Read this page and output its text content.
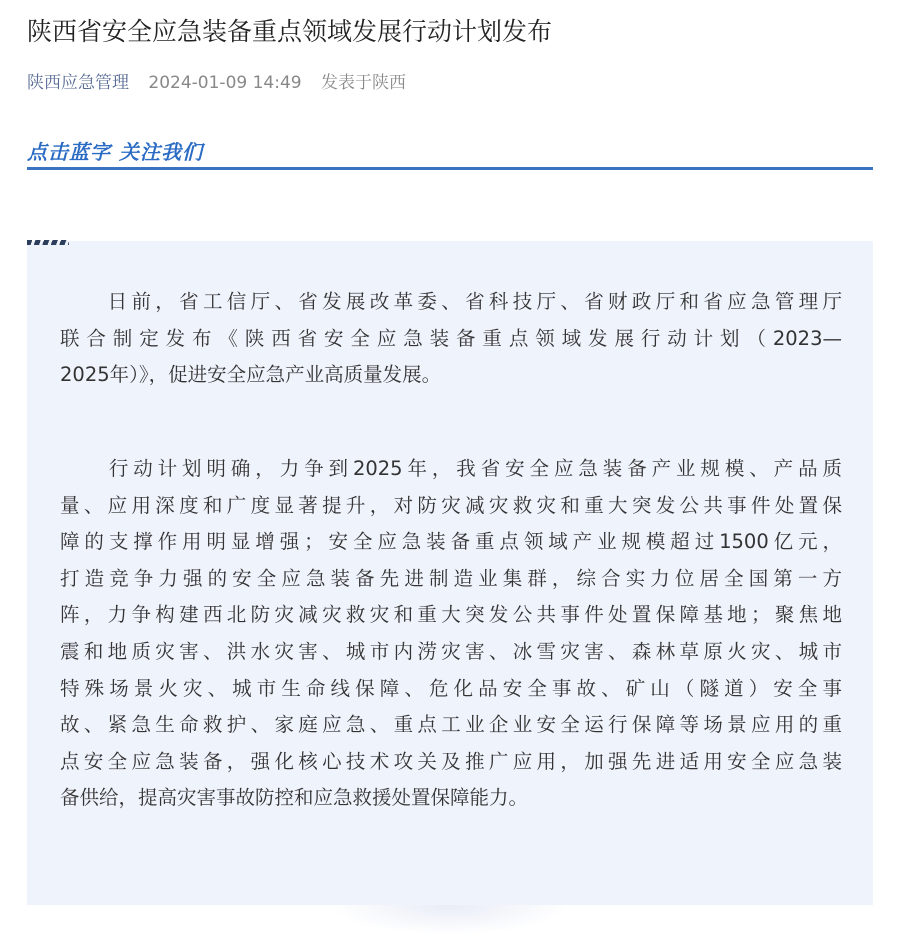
陕西省安全应急装备重点领域发展行动计划发布
陕西应急管理 2024-01-09 14:49 发表于陕西
点击蓝字 关注我们
　　日前，省工信厅、省发展改革委、省科技厅、省财政厅和省应急管理厅
联合制定发布《陕西省安全应急装备重点领域发展行动计划（2023—
2025年）》，促进安全应急产业高质量发展。
　　行动计划明确，力争到2025年，我省安全应急装备产业规模、产品质
量、应用深度和广度显著提升，对防灾减灾救灾和重大突发公共事件处置保
障的支撑作用明显增强；安全应急装备重点领域产业规模超过1500亿元，
打造竞争力强的安全应急装备先进制造业集群，综合实力位居全国第一方
阵，力争构建西北防灾减灾救灾和重大突发公共事件处置保障基地；聚焦地
震和地质灾害、洪水灾害、城市内涝灾害、冰雪灾害、森林草原火灾、城市
特殊场景火灾、城市生命线保障、危化品安全事故、矿山（隧道）安全事
故、紧急生命救护、家庭应急、重点工业企业安全运行保障等场景应用的重
点安全应急装备，强化核心技术攻关及推广应用，加强先进适用安全应急装
备供给，提高灾害事故防控和应急救援处置保障能力。
